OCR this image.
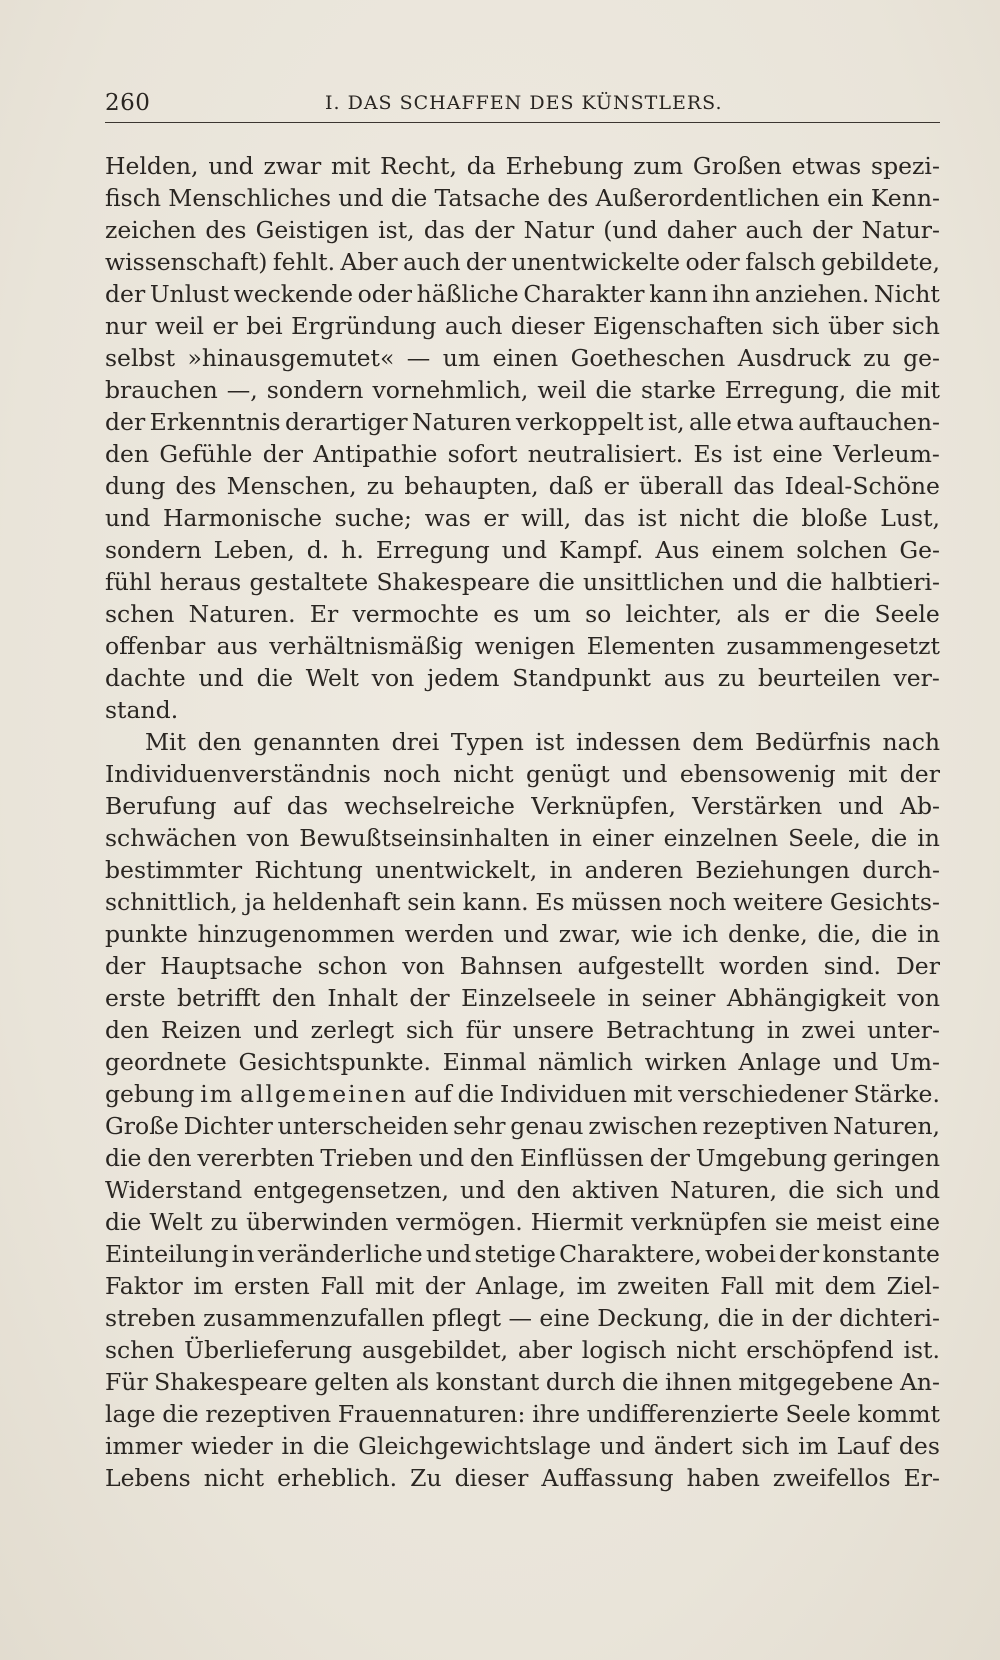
260	I. DAS SCHAFFEN DES KÜNSTLERS.
Helden, und zwar mit Recht, da Erhebung zum Großen etwas spezi-
fisch Menschliches und die Tatsache des Außerordentlichen ein Kenn-
zeichen des Geistigen ist, das der Natur (und daher auch der Natur-
wissenschaft) fehlt. Aber auch der unentwickelte oder falsch gebildete,
der Unlust weckende oder häßliche Charakter kann ihn anziehen. Nicht
nur weil er bei Ergründung auch dieser Eigenschaften sich über sich
selbst »hinausgemutet« — um einen Goetheschen Ausdruck zu ge-
brauchen —, sondern vornehmlich, weil die starke Erregung, die mit
der Erkenntnis derartiger Naturen verkoppelt ist, alle etwa auftauchen-
den Gefühle der Antipathie sofort neutralisiert. Es ist eine Verleum-
dung des Menschen, zu behaupten, daß er überall das Ideal-Schöne
und Harmonische suche; was er will, das ist nicht die bloße Lust,
sondern Leben, d. h. Erregung und Kampf. Aus einem solchen Ge-
fühl heraus gestaltete Shakespeare die unsittlichen und die halbtieri-
schen Naturen. Er vermochte es um so leichter, als er die Seele
offenbar aus verhältnismäßig wenigen Elementen zusammengesetzt
dachte und die Welt von jedem Standpunkt aus zu beurteilen ver-
stand.
Mit den genannten drei Typen ist indessen dem Bedürfnis nach
Individuenverständnis noch nicht genügt und ebensowenig mit der
Berufung auf das wechselreiche Verknüpfen, Verstärken und Ab-
schwächen von Bewußtseinsinhalten in einer einzelnen Seele, die in
bestimmter Richtung unentwickelt, in anderen Beziehungen durch-
schnittlich, ja heldenhaft sein kann. Es müssen noch weitere Gesichts-
punkte hinzugenommen werden und zwar, wie ich denke, die, die in
der Hauptsache schon von Bahnsen aufgestellt worden sind. Der
erste betrifft den Inhalt der Einzelseele in seiner Abhängigkeit von
den Reizen und zerlegt sich für unsere Betrachtung in zwei unter-
geordnete Gesichtspunkte. Einmal nämlich wirken Anlage und Um-
gebung im allgemeinen auf die Individuen mit verschiedener Stärke.
Große Dichter unterscheiden sehr genau zwischen rezeptiven Naturen,
die den vererbten Trieben und den Einflüssen der Umgebung geringen
Widerstand entgegensetzen, und den aktiven Naturen, die sich und
die Welt zu überwinden vermögen. Hiermit verknüpfen sie meist eine
Einteilung in veränderliche und stetige Charaktere, wobei der konstante
Faktor im ersten Fall mit der Anlage, im zweiten Fall mit dem Ziel-
streben zusammenzufallen pflegt — eine Deckung, die in der dichteri-
schen Überlieferung ausgebildet, aber logisch nicht erschöpfend ist.
Für Shakespeare gelten als konstant durch die ihnen mitgegebene An-
lage die rezeptiven Frauennaturen: ihre undifferenzierte Seele kommt
immer wieder in die Gleichgewichtslage und ändert sich im Lauf des
Lebens nicht erheblich. Zu dieser Auffassung haben zweifellos Er-
